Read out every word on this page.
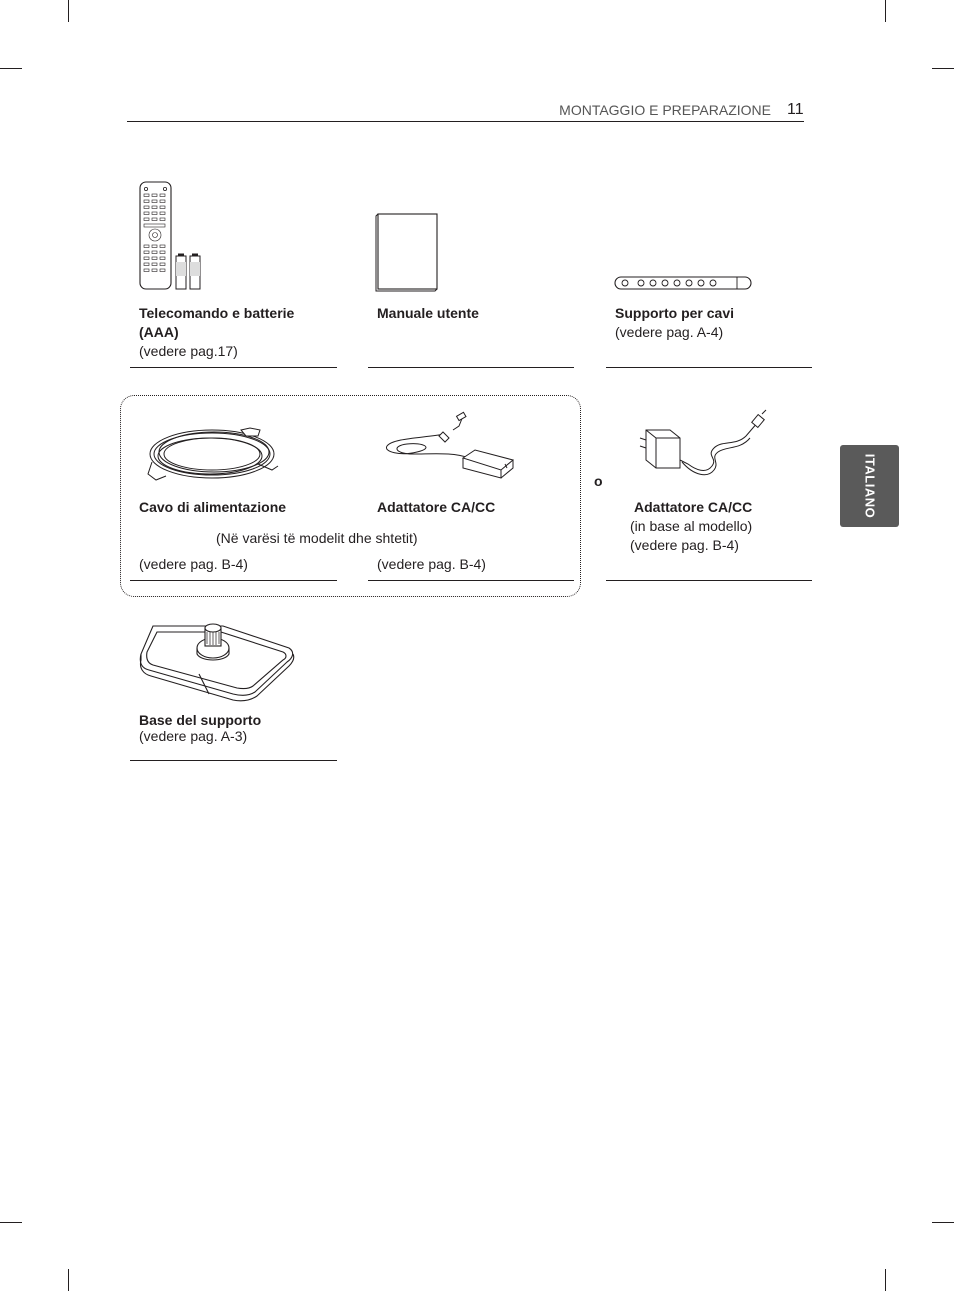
MONTAGGIO E PREPARAZIONE 11
ITALIANO
Telecomando e batterie
(AAA)
(vedere pag.17)
Manuale utente	Supporto per cavi
(vedere pag. A-4)
Cavo di alimentazione
(vedere pag. B-4)
(Në varësi të modelit dhe shtetit)
Adattatore CA/CC
(vedere pag. B-4)
o
Adattatore CA/CC
(in base al modello)
(vedere pag. B-4)
Base del supporto
(vedere pag. A-3)
